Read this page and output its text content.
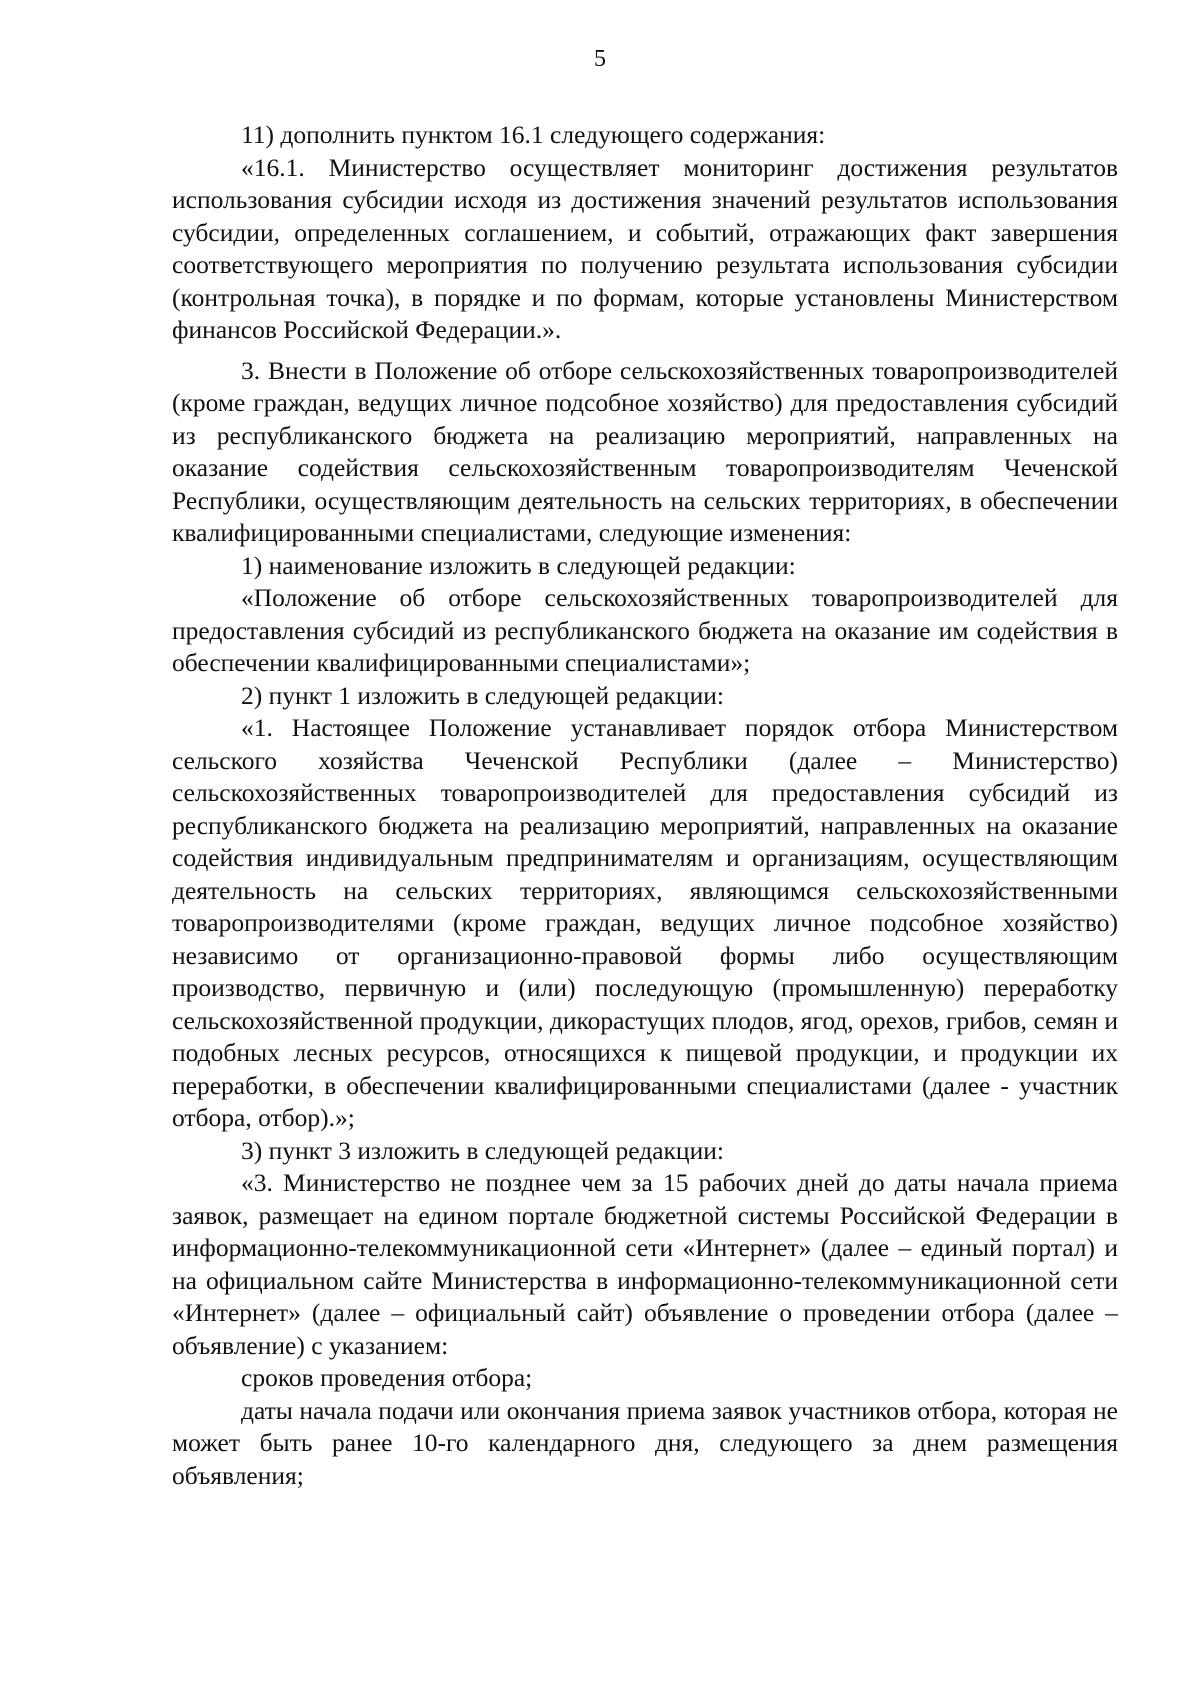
5

11) дополнить пунктом 16.1 следующего содержания:

«16.1. Министерство осуществляет мониторинг достижения результатов использования субсидии исходя из достижения значений результатов использования субсидии, определенных соглашением, и событий, отражающих факт завершения соответствующего мероприятия по получению результата использования субсидии (контрольная точка), в порядке и по формам, которые установлены Министерством финансов Российской Федерации.».

3. Внести в Положение об отборе сельскохозяйственных товаропроизводителей (кроме граждан, ведущих личное подсобное хозяйство) для предоставления субсидий из республиканского бюджета на реализацию мероприятий, направленных на оказание содействия сельскохозяйственным товаропроизводителям Чеченской Республики, осуществляющим деятельность на сельских территориях, в обеспечении квалифицированными специалистами, следующие изменения:

1) наименование изложить в следующей редакции:

«Положение об отборе сельскохозяйственных товаропроизводителей для предоставления субсидий из республиканского бюджета на оказание им содействия в обеспечении квалифицированными специалистами»;

2) пункт 1 изложить в следующей редакции:

«1. Настоящее Положение устанавливает порядок отбора Министерством сельского хозяйства Чеченской Республики (далее – Министерство) сельскохозяйственных товаропроизводителей для предоставления субсидий из республиканского бюджета на реализацию мероприятий, направленных на оказание содействия индивидуальным предпринимателям и организациям, осуществляющим деятельность на сельских территориях, являющимся сельскохозяйственными товаропроизводителями (кроме граждан, ведущих личное подсобное хозяйство) независимо от организационно-правовой формы либо осуществляющим производство, первичную и (или) последующую (промышленную) переработку сельскохозяйственной продукции, дикорастущих плодов, ягод, орехов, грибов, семян и подобных лесных ресурсов, относящихся к пищевой продукции, и продукции их переработки, в обеспечении квалифицированными специалистами (далее - участник отбора, отбор).»;

3) пункт 3 изложить в следующей редакции:

«3. Министерство не позднее чем за 15 рабочих дней до даты начала приема заявок, размещает на едином портале бюджетной системы Российской Федерации в информационно-телекоммуникационной сети «Интернет» (далее – единый портал) и на официальном сайте Министерства в информационно-телекоммуникационной сети «Интернет» (далее – официальный сайт) объявление о проведении отбора (далее – объявление) с указанием:

сроков проведения отбора;

даты начала подачи или окончания приема заявок участников отбора, которая не может быть ранее 10-го календарного дня, следующего за днем размещения объявления;
